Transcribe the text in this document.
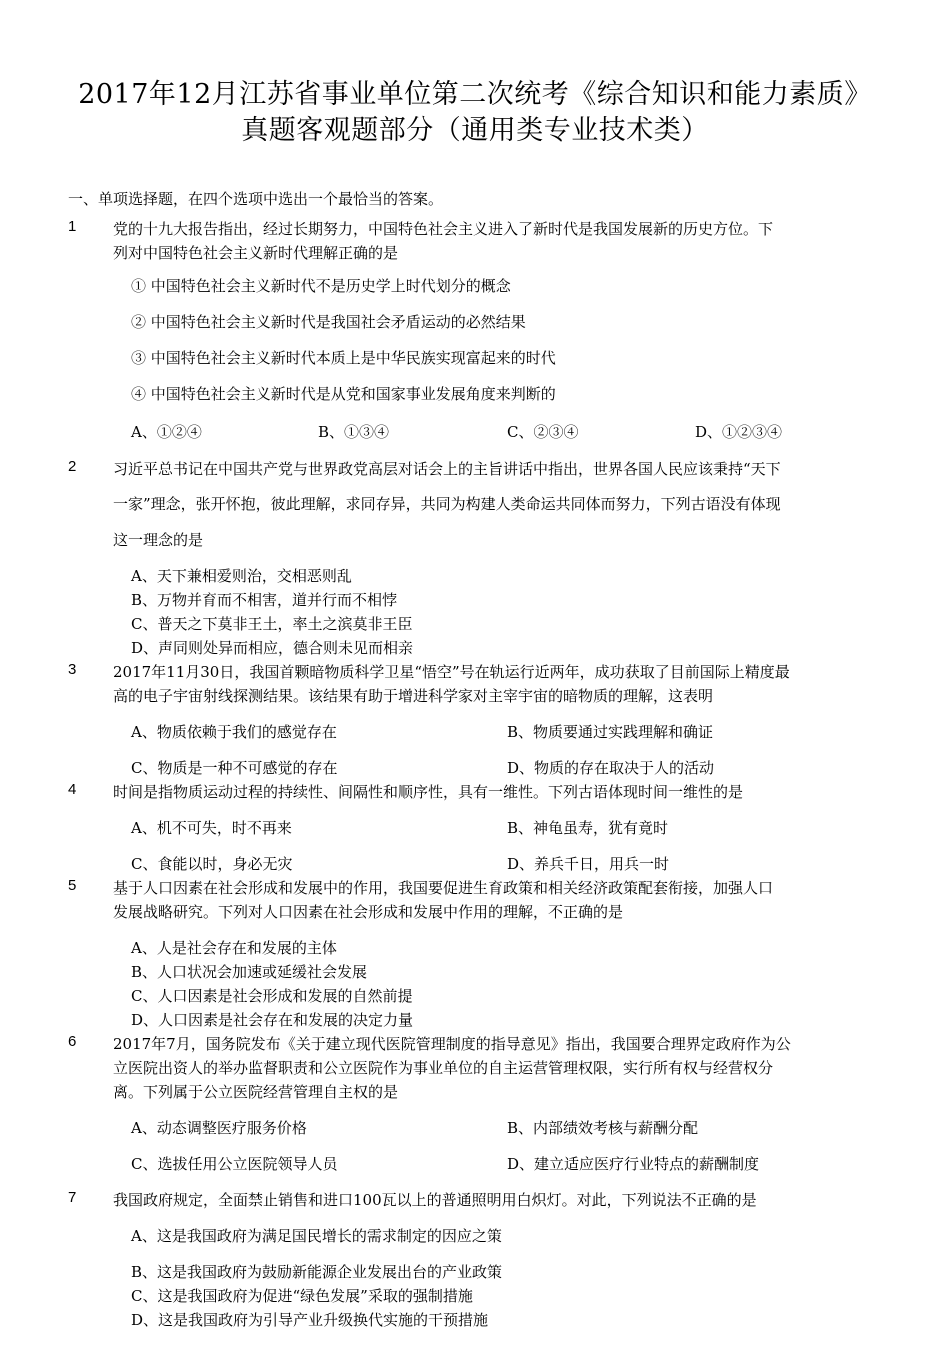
2017年12月江苏省事业单位第二次统考《综合知识和能力素质》
真题客观题部分（通用类专业技术类）
一、单项选择题，在四个选项中选出一个最恰当的答案。
1 党的十九大报告指出，经过长期努力，中国特色社会主义进入了新时代是我国发展新的历史方位。下
列对中国特色社会主义新时代理解正确的是
① 中国特色社会主义新时代不是历史学上时代划分的概念
② 中国特色社会主义新时代是我国社会矛盾运动的必然结果
③ 中国特色社会主义新时代本质上是中华民族实现富起来的时代
④ 中国特色社会主义新时代是从党和国家事业发展角度来判断的
A、①②④	B、①③④	C、②③④	D、①②③④
2 习近平总书记在中国共产党与世界政党高层对话会上的主旨讲话中指出，世界各国人民应该秉持“天下
一家”理念，张开怀抱，彼此理解，求同存异，共同为构建人类命运共同体而努力，下列古语没有体现
这一理念的是
A、天下兼相爱则治，交相恶则乱
B、万物并育而不相害，道并行而不相悖
C、普天之下莫非王土，率土之滨莫非王臣
D、声同则处异而相应，德合则未见而相亲
3 2017年11月30日，我国首颗暗物质科学卫星“悟空”号在轨运行近两年，成功获取了目前国际上精度最
高的电子宇宙射线探测结果。该结果有助于增进科学家对主宰宇宙的暗物质的理解，这表明
A、物质依赖于我们的感觉存在	B、物质要通过实践理解和确证
C、物质是一种不可感觉的存在	D、物质的存在取决于人的活动
4 时间是指物质运动过程的持续性、间隔性和顺序性，具有一维性。下列古语体现时间一维性的是
A、机不可失，时不再来	B、神龟虽寿，犹有竟时
C、食能以时，身必无灾	D、养兵千日，用兵一时
5 基于人口因素在社会形成和发展中的作用，我国要促进生育政策和相关经济政策配套衔接，加强人口
发展战略研究。下列对人口因素在社会形成和发展中作用的理解，不正确的是
A、人是社会存在和发展的主体
B、人口状况会加速或延缓社会发展
C、人口因素是社会形成和发展的自然前提
D、人口因素是社会存在和发展的决定力量
6 2017年7月，国务院发布《关于建立现代医院管理制度的指导意见》指出，我国要合理界定政府作为公
立医院出资人的举办监督职责和公立医院作为事业单位的自主运营管理权限，实行所有权与经营权分
离。下列属于公立医院经营管理自主权的是
A、动态调整医疗服务价格	B、内部绩效考核与薪酬分配
C、选拔任用公立医院领导人员	D、建立适应医疗行业特点的薪酬制度
7 我国政府规定，全面禁止销售和进口100瓦以上的普通照明用白炽灯。对此，下列说法不正确的是
A、这是我国政府为满足国民增长的需求制定的因应之策
B、这是我国政府为鼓励新能源企业发展出台的产业政策
C、这是我国政府为促进“绿色发展”采取的强制措施
D、这是我国政府为引导产业升级换代实施的干预措施
